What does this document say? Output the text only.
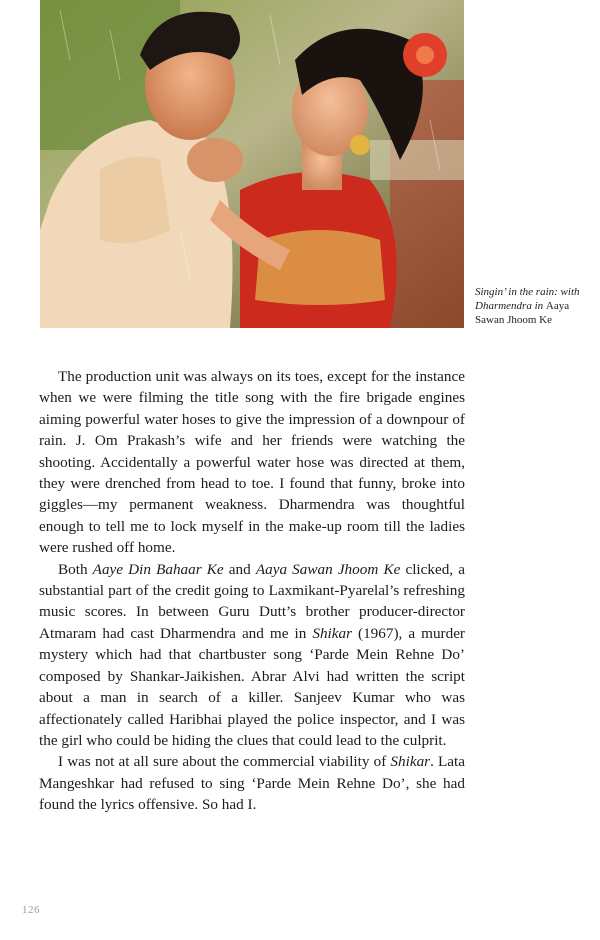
Singin’ in the rain: with Dharmendra in Aaya Sawan Jhoom Ke

The production unit was always on its toes, except for the instance when we were filming the title song with the fire brigade engines aiming powerful water hoses to give the impression of a downpour of rain. J. Om Prakash’s wife and her friends were watching the shooting. Accidentally a powerful water hose was directed at them, they were drenched from head to toe. I found that funny, broke into giggles—my permanent weakness. Dharmendra was thoughtful enough to tell me to lock myself in the make-up room till the ladies were rushed off home.

Both Aaye Din Bahaar Ke and Aaya Sawan Jhoom Ke clicked, a substantial part of the credit going to Laxmikant-Pyarelal’s refreshing music scores. In between Guru Dutt’s brother producer-director Atmaram had cast Dharmendra and me in Shikar (1967), a murder mystery which had that chartbuster song ‘Parde Mein Rehne Do’ composed by Shankar-Jaikishen. Abrar Alvi had written the script about a man in search of a killer. Sanjeev Kumar who was affectionately called Haribhai played the police inspector, and I was the girl who could be hiding the clues that could lead to the culprit.

I was not at all sure about the commercial viability of Shikar. Lata Mangeshkar had refused to sing ‘Parde Mein Rehne Do’, she had found the lyrics offensive. So had I.

126
